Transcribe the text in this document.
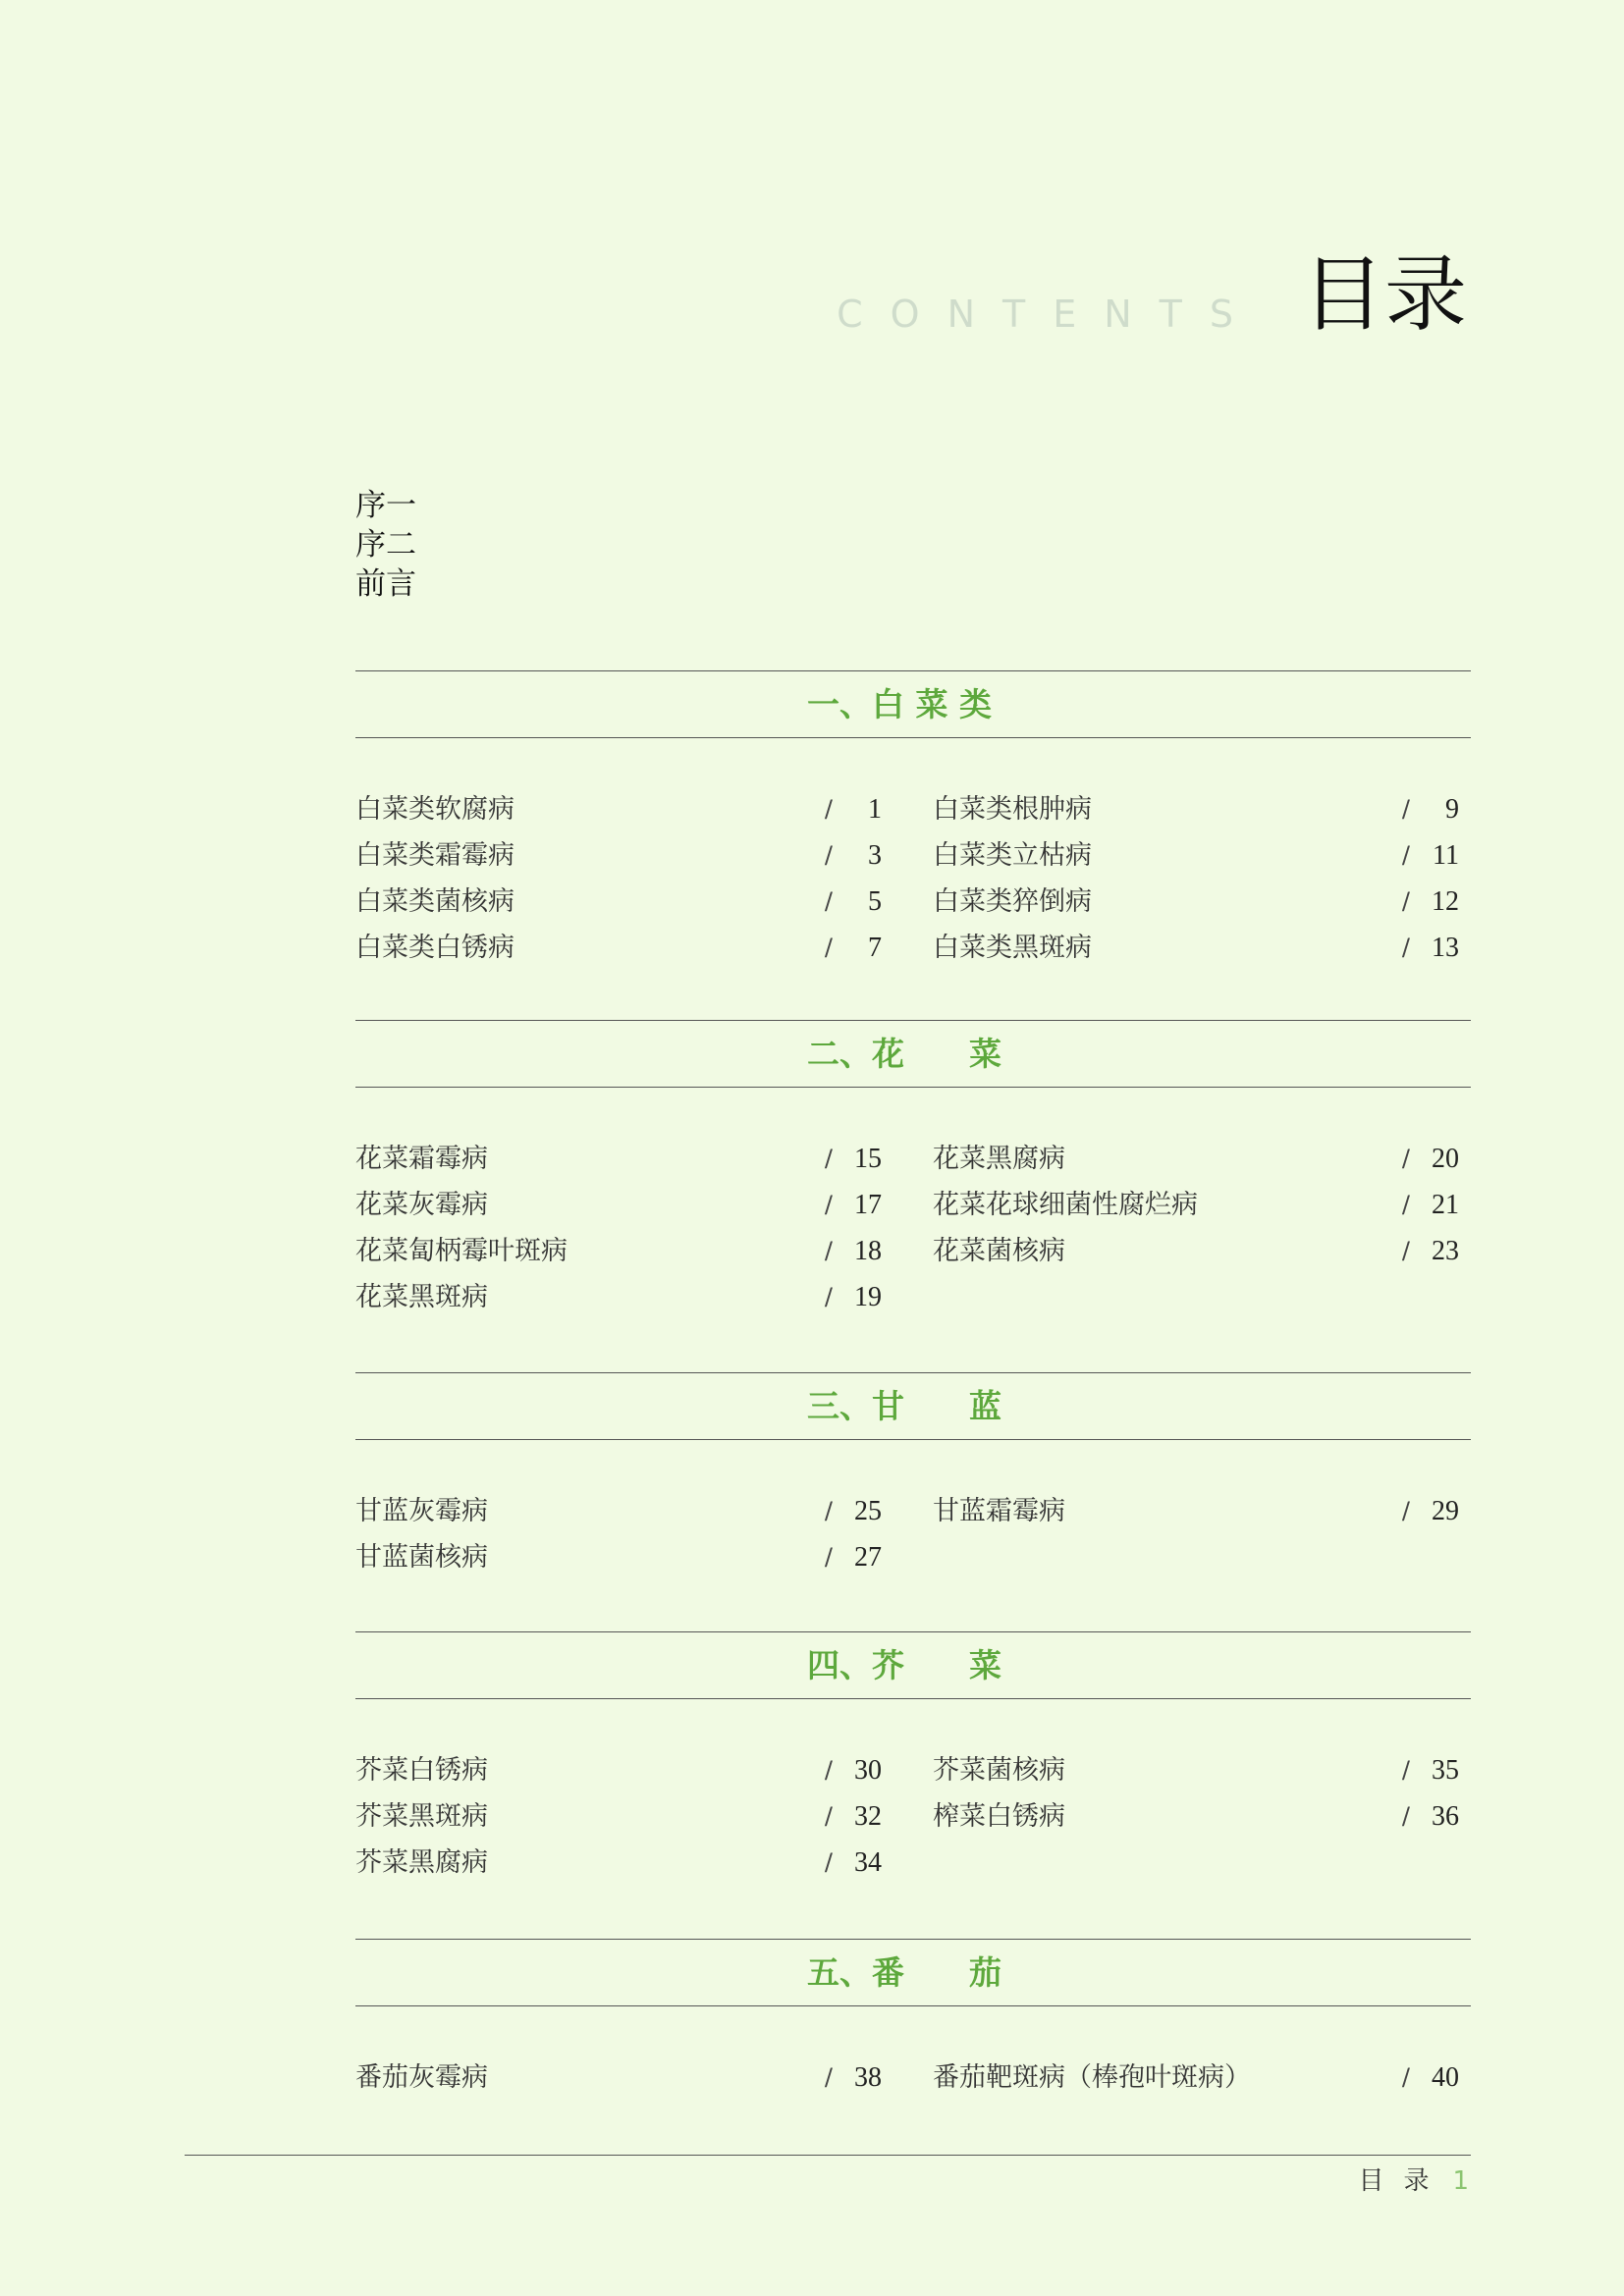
CONTENTS 目录
序一
序二
前言
一、白 菜 类
白菜类软腐病	/	1
白菜类霜霉病	/	3
白菜类菌核病	/	5
白菜类白锈病	/	7
白菜类根肿病	/	9
白菜类立枯病	/ 11
白菜类猝倒病	/ 12
白菜类黑斑病	/ 13
二、花　　菜
花菜霜霉病	/ 15
花菜灰霉病	/ 17
花菜匐柄霉叶斑病	/ 18
花菜黑斑病	/ 19
花菜黑腐病	/ 20
花菜花球细菌性腐烂病	/ 21
花菜菌核病	/ 23
三、甘　　蓝
甘蓝灰霉病	/ 25
甘蓝菌核病	/ 27
甘蓝霜霉病	/ 29
四、芥　　菜
芥菜白锈病	/ 30
芥菜黑斑病	/ 32
芥菜黑腐病	/ 34
芥菜菌核病	/ 35
榨菜白锈病	/ 36
五、番　　茄
番茄灰霉病	/ 38 番茄靶斑病（棒孢叶斑病）	/ 40
目录 1
